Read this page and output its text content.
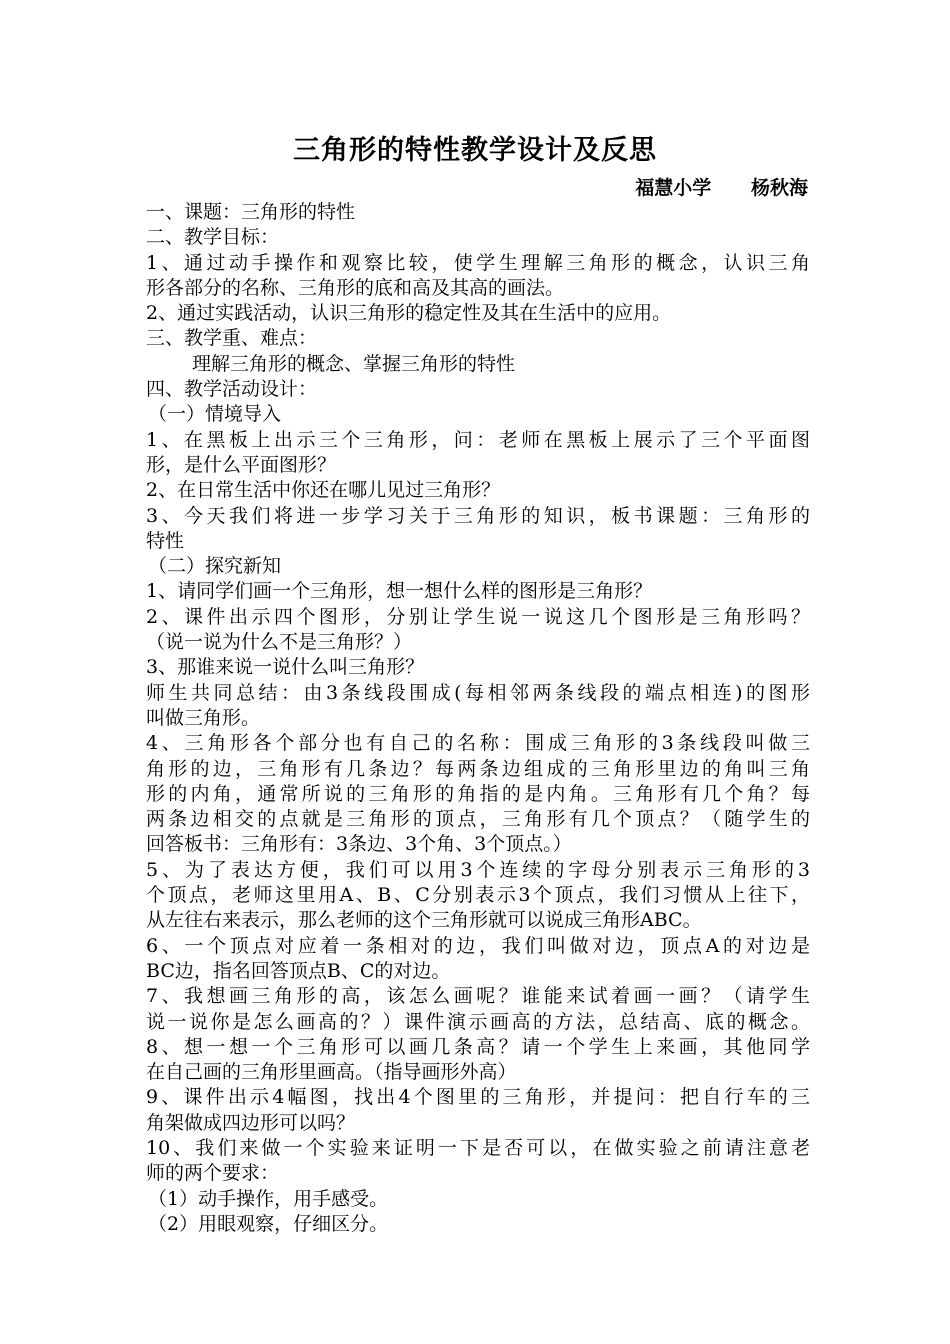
三角形的特性教学设计及反思
福慧小学      杨秋海
一、课题：三角形的特性
二、教学目标：
1、通过动手操作和观察比较，使学生理解三角形的概念，认识三角
形各部分的名称、三角形的底和高及其高的画法。
2、通过实践活动，认识三角形的稳定性及其在生活中的应用。
三、教学重、难点：
理解三角形的概念、掌握三角形的特性
四、教学活动设计：
（一）情境导入
1、在黑板上出示三个三角形，问：老师在黑板上展示了三个平面图
形，是什么平面图形？
2、在日常生活中你还在哪儿见过三角形？
3、今天我们将进一步学习关于三角形的知识，板书课题：三角形的
特性
（二）探究新知
1、请同学们画一个三角形，想一想什么样的图形是三角形？
2、课件出示四个图形，分别让学生说一说这几个图形是三角形吗？
（说一说为什么不是三角形？）
3、那谁来说一说什么叫三角形？
师生共同总结：由3条线段围成(每相邻两条线段的端点相连)的图形
叫做三角形。
4、三角形各个部分也有自己的名称：围成三角形的3条线段叫做三
角形的边，三角形有几条边？每两条边组成的三角形里边的角叫三角
形的内角，通常所说的三角形的角指的是内角。三角形有几个角？每
两条边相交的点就是三角形的顶点，三角形有几个顶点？（随学生的
回答板书：三角形有：3条边、3个角、3个顶点。）
5、为了表达方便，我们可以用3个连续的字母分别表示三角形的3
个顶点，老师这里用A、B、C分别表示3个顶点，我们习惯从上往下，
从左往右来表示，那么老师的这个三角形就可以说成三角形ABC。
6、一个顶点对应着一条相对的边，我们叫做对边，顶点A的对边是
BC边，指名回答顶点B、C的对边。
7、我想画三角形的高，该怎么画呢？谁能来试着画一画？（请学生
说一说你是怎么画高的？）课件演示画高的方法，总结高、底的概念。
8、想一想一个三角形可以画几条高？请一个学生上来画，其他同学
在自己画的三角形里画高。（指导画形外高）
9、课件出示4幅图，找出4个图里的三角形，并提问：把自行车的三
角架做成四边形可以吗？
10、我们来做一个实验来证明一下是否可以，在做实验之前请注意老
师的两个要求：
（1）动手操作，用手感受。
（2）用眼观察，仔细区分。
